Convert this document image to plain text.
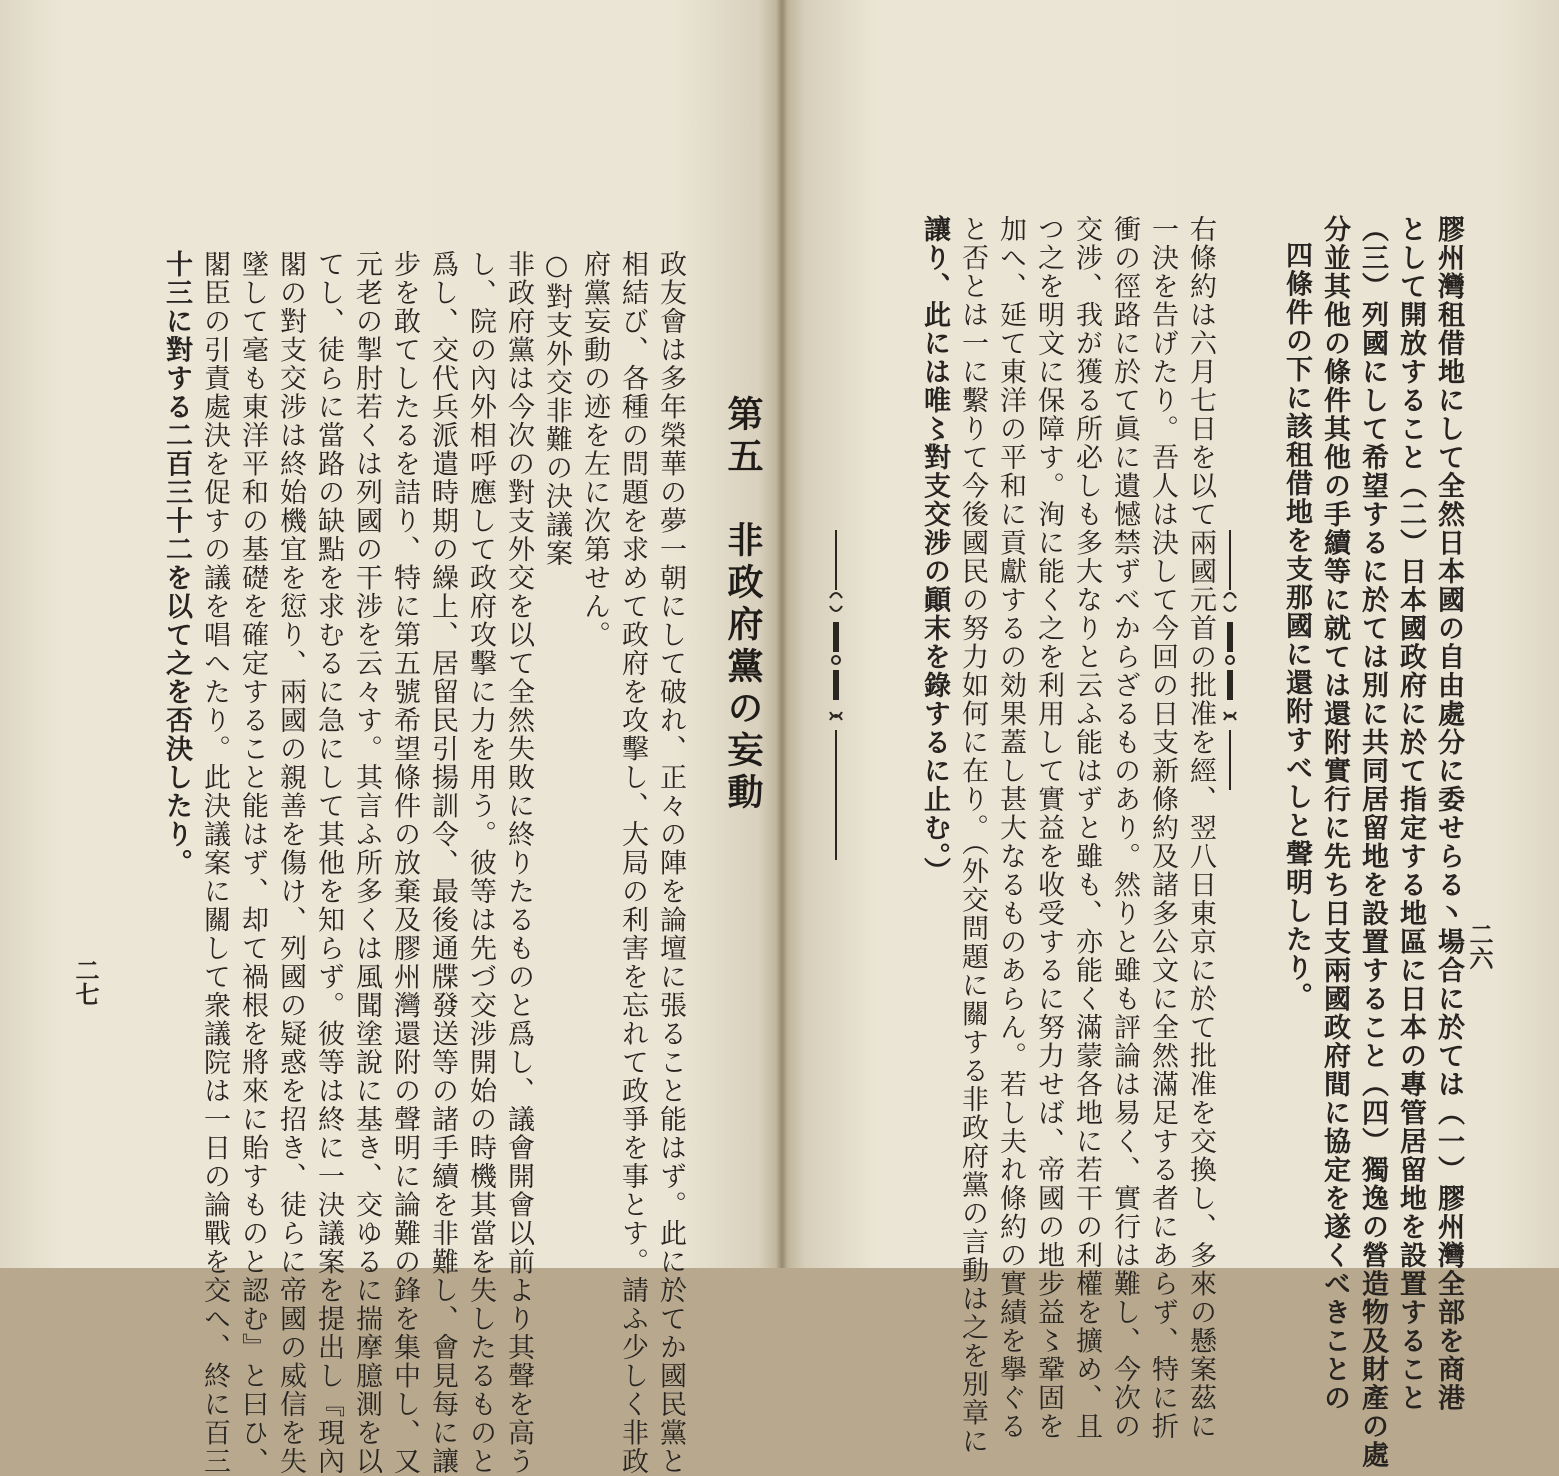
二六
膠州灣租借地にして全然日本國の自由處分に委せらる丶場合に於ては（一）膠州灣全部を商港
として開放すること（二）日本國政府に於て指定する地區に日本の專管居留地を設置すること
（三）列國にして希望するに於ては別に共同居留地を設置すること（四）獨逸の營造物及財產の處
分並其他の條件其他の手續等に就ては還附實行に先ち日支兩國政府間に協定を遂くべきことの
四條件の下に該租借地を支那國に還附すべしと聲明したり。
右條約は六月七日を以て兩國元首の批准を經、翌八日東京に於て批准を交換し、多來の懸案茲に
一決を告げたり。吾人は決して今回の日支新條約及諸多公文に全然滿足する者にあらず、特に折
衝の徑路に於て眞に遺憾禁ずべからざるものあり。然りと雖も評論は易く、實行は難し、今次の
交涉、我が獲る所必しも多大なりと云ふ能はずと雖も、亦能く滿蒙各地に若干の利權を擴め、且
つ之を明文に保障す。洵に能く之を利用して實益を收受するに努力せば、帝國の地步益〻鞏固を
加へ、延て東洋の平和に貢獻するの効果蓋し甚大なるものあらん。若し夫れ條約の實績を擧ぐる
と否とは一に繫りて今後國民の努力如何に在り。（外交問題に關する非政府黨の言動は之を別章に
讓り、此には唯〻對支交涉の顚末を錄するに止む。）
第五　非政府黨の妄動
政友會は多年榮華の夢一朝にして破れ、正々の陣を論壇に張ること能はず。此に於てか國民黨と
相結び、各種の問題を求めて政府を攻擊し、大局の利害を忘れて政爭を事とす。請ふ少しく非政
府黨妄動の迹を左に次第せん。
○對支外交非難の決議案
非政府黨は今次の對支外交を以て全然失敗に終りたるものと爲し、議會開會以前より其聲を高う
し、院の內外相呼應して政府攻擊に力を用う。彼等は先づ交涉開始の時機其當を失したるものと
爲し、交代兵派遣時期の繰上、居留民引揚訓令、最後通牒發送等の諸手續を非難し、會見每に讓
步を敢てしたるを詰り、特に第五號希望條件の放棄及膠州灣還附の聲明に論難の鋒を集中し、又
元老の掣肘若くは列國の干涉を云々す。其言ふ所多くは風聞塗說に基き、交ゆるに揣摩臆測を以
てし、徒らに當路の缺點を求むるに急にして其他を知らず。彼等は終に一決議案を提出し『現內
閣の對支交涉は終始機宜を愆り、兩國の親善を傷け、列國の疑惑を招き、徒らに帝國の威信を失
墜して毫も東洋平和の基礎を確定すること能はず、却て禍根を將來に貽すものと認む』と曰ひ、
閣臣の引責處決を促すの議を唱へたり。此決議案に關して衆議院は一日の論戰を交へ、終に百三
十三に對する二百三十二を以て之を否決したり。
二七
